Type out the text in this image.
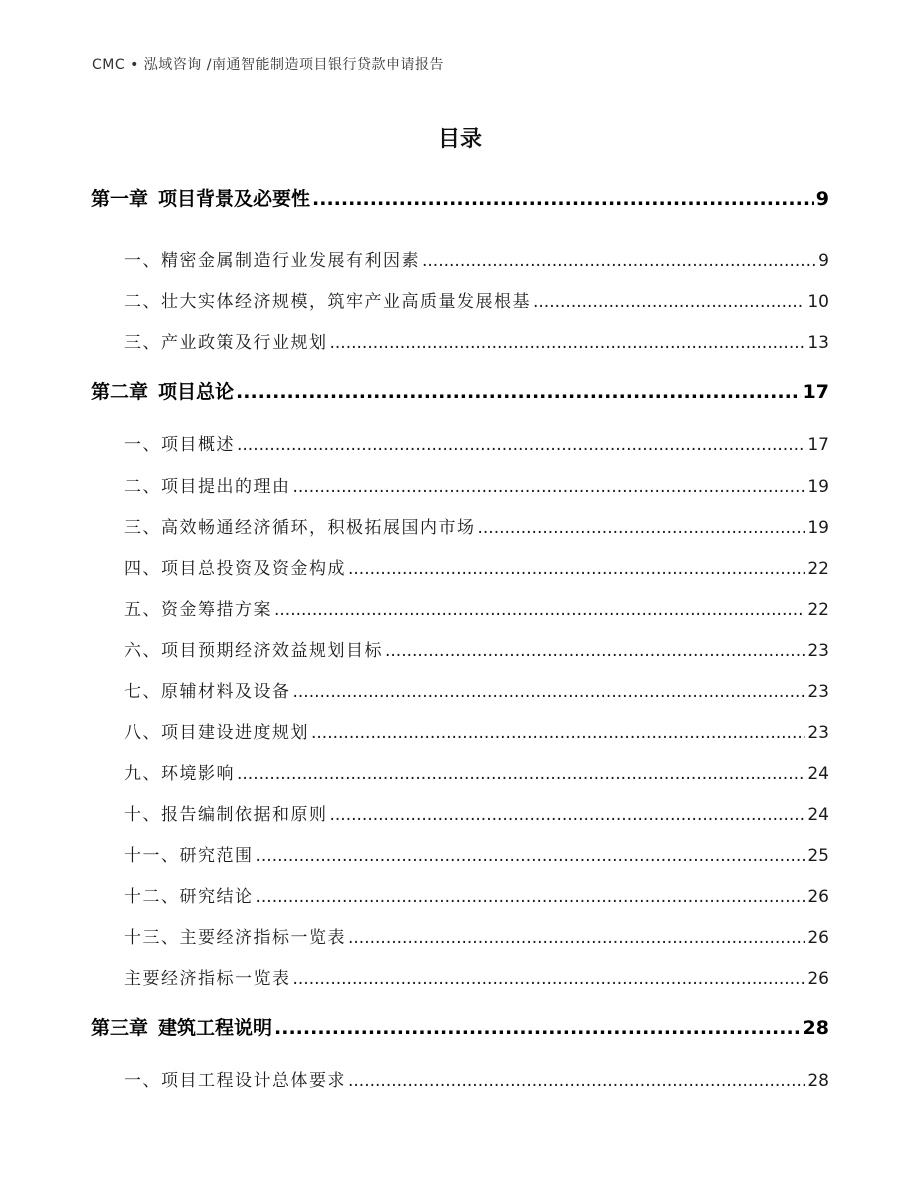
CMC • 泓域咨询 /南通智能制造项目银行贷款申请报告
目录
第一章 项目背景及必要性 .....	9
一、 精密金属制造行业发展有利因素 .....	9
二、 壮大实体经济规模，筑牢产业高质量发展根基 .....	10
三、 产业政策及行业规划 .....	13
第二章 项目总论 .....	17
一、 项目概述 .....	17
二、 项目提出的理由 .....	19
三、 高效畅通经济循环，积极拓展国内市场 .....	19
四、 项目总投资及资金构成 .....	22
五、 资金筹措方案 .....	22
六、 项目预期经济效益规划目标 .....	23
七、 原辅材料及设备 .....	23
八、 项目建设进度规划 .....	23
九、 环境影响 .....	24
十、 报告编制依据和原则 .....	24
十一、 研究范围 .....	25
十二、 研究结论 .....	26
十三、 主要经济指标一览表 .....	26
主要经济指标一览表 .....	26
第三章 建筑工程说明 .....	28
一、 项目工程设计总体要求 .....	28
